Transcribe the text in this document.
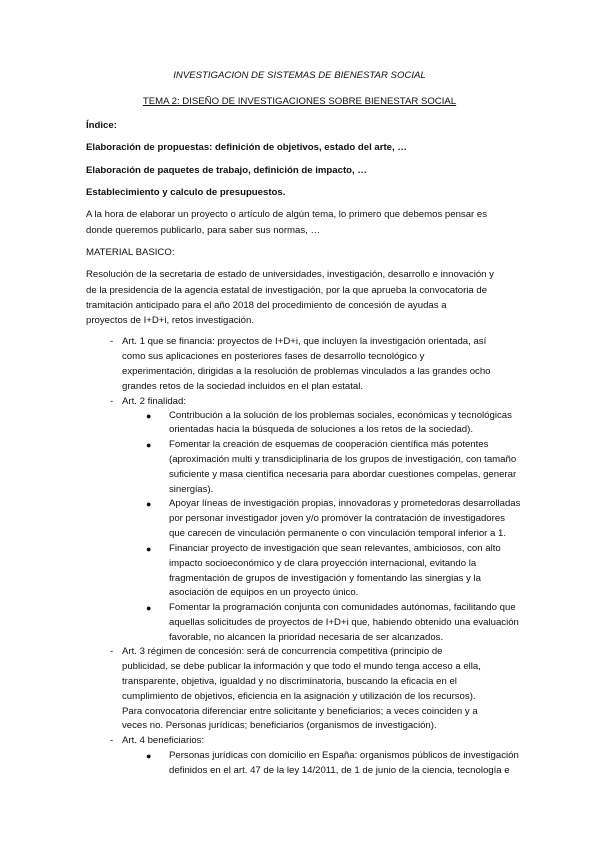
INVESTIGACION DE SISTEMAS DE BIENESTAR SOCIAL
TEMA 2: DISEÑO DE INVESTIGACIONES SOBRE BIENESTAR SOCIAL
Índice:
Elaboración de propuestas: definición de objetivos, estado del arte, …
Elaboración de paquetes de trabajo, definición de impacto, …
Establecimiento y calculo de presupuestos.
A la hora de elaborar un proyecto o artículo de algún tema, lo primero que debemos pensar es
donde queremos publicarlo, para saber sus normas, …
MATERIAL BASICO:
Resolución de la secretaria de estado de universidades, investigación, desarrollo e innovación y
de la presidencia de la agencia estatal de investigación, por la que aprueba la convocatoria de
tramitación anticipado para el año 2018 del procedimiento de concesión de ayudas a
proyectos de I+D+i, retos investigación.
- Art. 1 que se financia: proyectos de I+D+i, que incluyen la investigación orientada, así
como sus aplicaciones en posteriores fases de desarrollo tecnológico y
experimentación, dirigidas a la resolución de problemas vinculados a las grandes ocho
grandes retos de la sociedad incluidos en el plan estatal.
- Art. 2 finalidad:
● Contribución a la solución de los problemas sociales, económicas y tecnológicas
orientadas hacia la búsqueda de soluciones a los retos de la sociedad).
● Fomentar la creación de esquemas de cooperación científica más potentes
(aproximación multi y transdiciplinaria de los grupos de investigación, con tamaño
suficiente y masa científica necesaria para abordar cuestiones compelas, generar
sinergias).
● Apoyar líneas de investigación propias, innovadoras y prometedoras desarrolladas
por personar investigador joven y/o promover la contratación de investigadores
que carecen de vinculación permanente o con vinculación temporal inferior a 1.
● Financiar proyecto de investigación que sean relevantes, ambiciosos, con alto
impacto socioeconómico y de clara proyección internacional, evitando la
fragmentación de grupos de investigación y fomentando las sinergias y la
asociación de equipos en un proyecto único.
● Fomentar la programación conjunta con comunidades autónomas, facilitando que
aquellas solicitudes de proyectos de I+D+i que, habiendo obtenido una evaluación
favorable, no alcancen la prioridad necesaria de ser alcanzados.
- Art. 3 régimen de concesión: será de concurrencia competitiva (principio de
publicidad, se debe publicar la información y que todo el mundo tenga acceso a ella,
transparente, objetiva, igualdad y no discriminatoria, buscando la eficacia en el
cumplimiento de objetivos, eficiencia en la asignación y utilización de los recursos).
Para convocatoria diferenciar entre solicitante y beneficiarios; a veces coinciden y a
veces no. Personas jurídicas; beneficiarios (organismos de investigación).
- Art. 4 beneficiarios:
● Personas jurídicas con domicilio en España: organismos públicos de investigación
definidos en el art. 47 de la ley 14/2011, de 1 de junio de la ciencia, tecnología e
